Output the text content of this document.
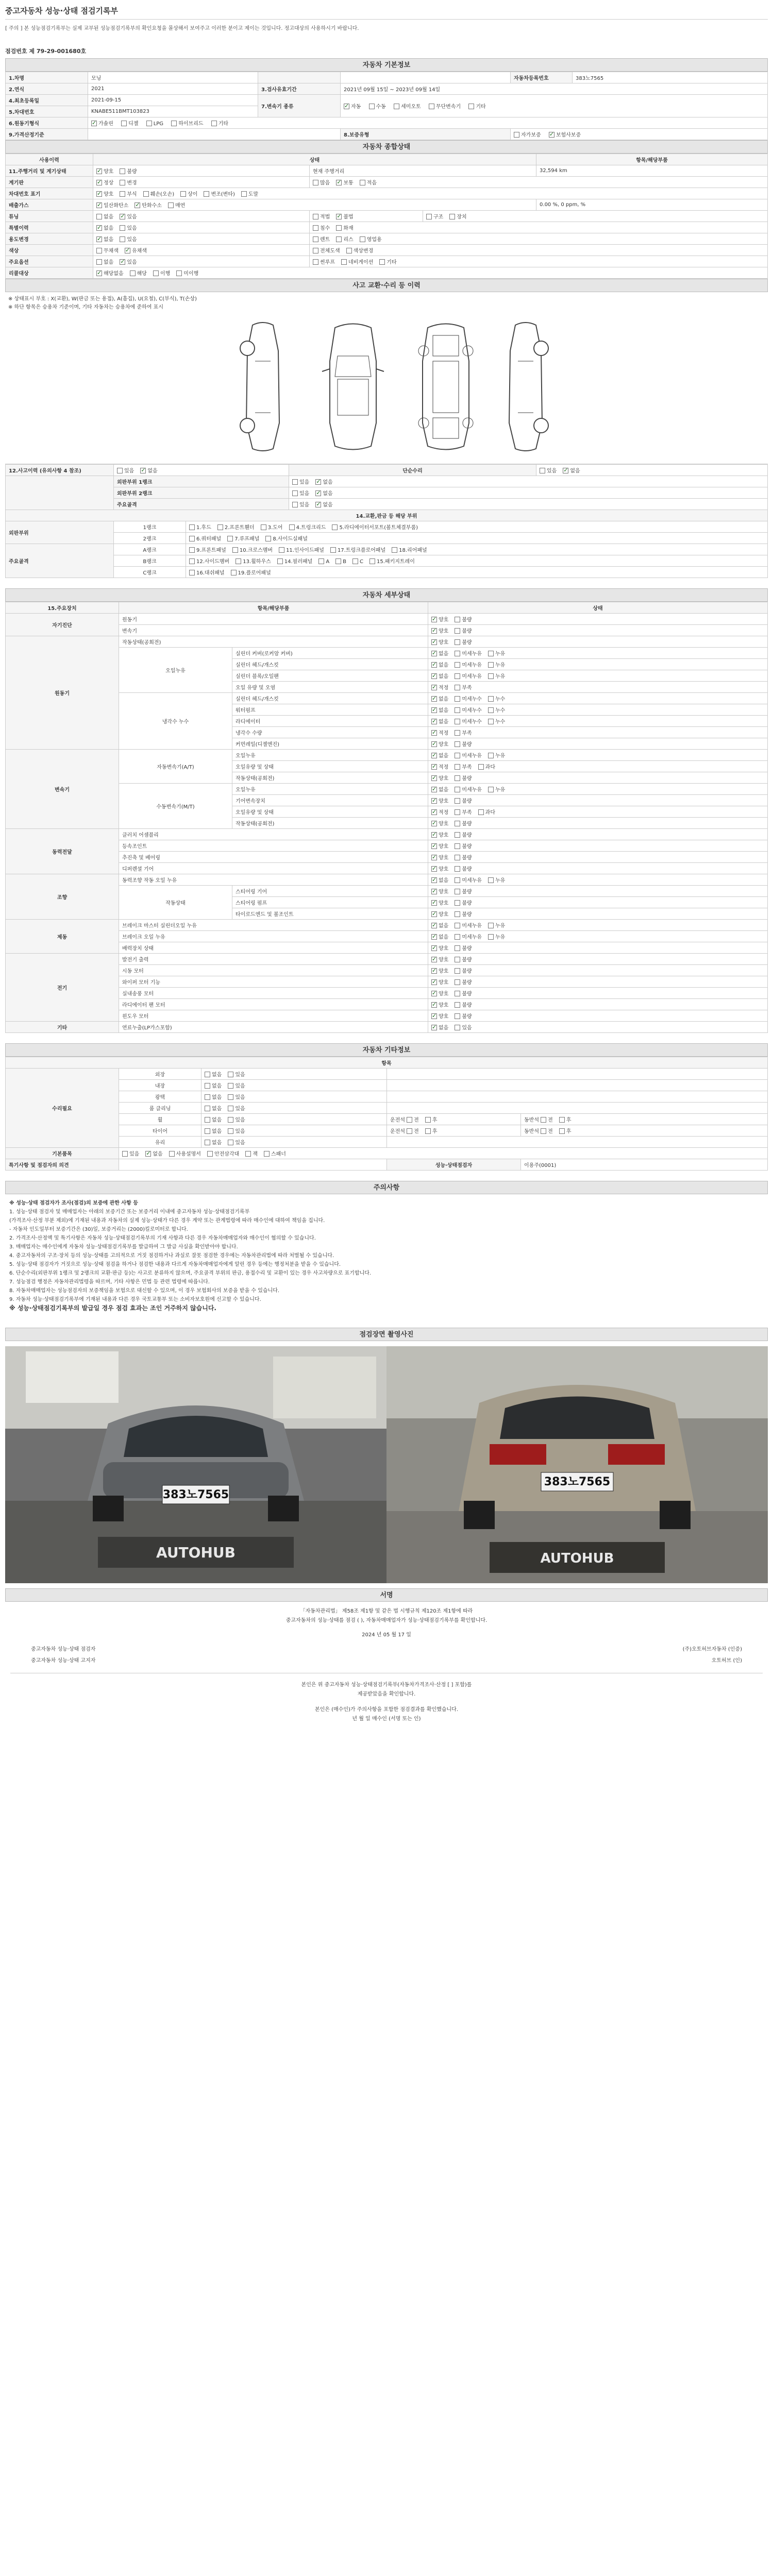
중고자동차 성능·상태 점검기록부
[ 주의 ] 본 성능점검기록부는 실제 교부된 성능점검기록부의 확인요청을 몰상해서 보여주고 이러한 분이고 제이는 것입니다. 정고대상의 사용하시기 바랍니다.
점검번호 제 79-29-001680호
자동차 기본정보
1.차명	모닝			자동차등록번호	383노7565
2.연식	2021	3.검사유효기간	2021년 09월 15일 ~ 2023년 09월 14일		
4.최초등록일	2021-09-15	7.변속기 종류	✓자동 수동 세미오토 무단변속기 기타
5.차대번호	KNABE511BMT103823				
6.원동기형식	✓가솔린 디젤 LPG 하이브리드 기타
9.가격산정기준			8.보증유형	자가보증 ✓ 보험사보증
자동차 종합상태
사용이력	상태			항목/해당부품
11.주행거리 및 계기상태	✓양호 불량	현재 주행거리		32,594 km
계기판	✓정상 변경	많음 ✓ 보통 적음
차대번호 표기	✓양호 부식 훼손(오손) 상이 변조(변타) 도말
배출가스	✓일산화탄소 ✓ 탄화수소 매연			0.00 %, 0 ppm, %
튜닝	없음 ✓ 있음	적법 ✓ 불법	구조 장치	
특별이력	✓없음 있음	침수 화재		
용도변경	✓없음 있음	렌트 리스 영업용		
색상	무채색 ✓ 유채색	전체도색 색상변경		
주요옵션	없음 ✓ 있음	썬루프 네비게이션 기타		
리콜대상	✓해당없음 해당 이행 미이행
사고 교환·수리 등 이력
※ 상태표시 부호 : X(교환), W(판금 또는 용접), A(흠집), U(요철), C(부식), T(손상)
※ 하단 항목은 승용차 기준이며, 기타 자동차는 승용차에 준하여 표시
12.사고이력 (유의사항 4 참조)	있음 ✓ 없음		단순수리	있음 ✓ 없음
	외판부위 1랭크		있음 ✓ 없음
	외판부위 2랭크		있음 ✓ 없음
	주요골격		있음 ✓ 없음
14.교환,판금 등 해당 부위				
외판부위	1랭크	1.후드 2.프론트휀더 3.도어 4.트렁크리드 5.라디에이터서포트(볼트체결부품)		
	2랭크	6.쿼터패널 7.루프패널 8.사이드실패널		
주요골격	A랭크	9.프론트패널 10.크로스멤버 11.인사이드패널 17.트렁크플로어패널 18.리어패널		
	B랭크	12.사이드멤버 13.휠하우스 14.필러패널 A B C 15.패키지트레이		
	C랭크	16.대쉬패널 19.플로어패널		
자동차 세부상태
15.주요장치	항목/해당부품		상태
자기진단	원동기	✓양호 불량
	변속기	✓양호 불량
원동기	작동상태(공회전)	✓양호 불량
	오일누유	실린더 커버(로커암 커버)	✓없음 미세누유 누유
		실린더 헤드/개스킷	✓없음 미세누유 누유
		실린더 블록/오일팬	✓없음 미세누유 누유
		오일 유량 및 오염	✓적정 부족
	냉각수 누수	실린더 헤드/개스킷	✓없음 미세누수 누수
		워터펌프	✓없음 미세누수 누수
		라디에이터	✓없음 미세누수 누수
		냉각수 수량	✓적정 부족
		커먼레일(디젤엔진)	✓양호 불량
변속기	자동변속기(A/T)	오일누유	✓없음 미세누유 누유
		오일유량 및 상태	✓적정 부족 과다
		작동상태(공회전)	✓양호 불량
	수동변속기(M/T)	오일누유	✓없음 미세누유 누유
		기어변속장치	✓양호 불량
		오일유량 및 상태	✓적정 부족 과다
		작동상태(공회전)	✓양호 불량
동력전달	클러치 어셈블리	✓양호 불량
	등속조인트	✓양호 불량
	추진축 및 베어링	✓양호 불량
	디퍼렌셜 기어	✓양호 불량
조향	동력조향 작동 오일 누유	✓없음 미세누유 누유
	작동상태	스티어링 기어	✓양호 불량
		스티어링 펌프	✓양호 불량
		타이로드엔드 및 볼조인트	✓양호 불량
제동	브레이크 마스터 실린더오일 누유	✓없음 미세누유 누유
	브레이크 오일 누유	✓없음 미세누유 누유
	배력장치 상태	✓양호 불량
전기	발전기 출력	✓양호 불량
	시동 모터	✓양호 불량
	와이퍼 모터 기능	✓양호 불량
	실내송풍 모터	✓양호 불량
	라디에이터 팬 모터	✓양호 불량
	윈도우 모터	✓양호 불량
기타	연료누출(LP가스포함)	✓없음 있음
자동차 기타정보
항목				
수리필요	외장	없음 있음		
	내장	없음 있음		
	광택	없음 있음		
	룸 클리닝	없음 있음		
	휠	없음 있음	운전석 전 후	동반석 전 후
	타이어	없음 있음	운전석 전 후	동반석 전 후
	유리	없음 있음		
기본품목	있음 ✓ 없음 사용설명서 안전삼각대 잭 스패너
특기사항 및 점검자의 의견			성능·상태점검자	이용주(0001)
주의사항

※ 성능·상태 점검자가 조사(점검)의 보증에 관한 사항 등

1. 성능·상태 점검자 및 매매업자는 아래의 보증기간 또는 보증거리 이내에 중고자동차 성능·상태점검기록부

(가격조사·산정 부분 제외)에 기재된 내용과 자동차의 실제 성능·상태가 다른 경우 계약 또는 관계법령에 따라 매수인에 대하여 책임을 집니다.

- 자동차 인도일부터 보증기간은 (30)일, 보증거리는 (2000)킬로미터로 합니다.

2. 가격조사·산정액 및 특기사항은 자동차 성능·상태점검기록부의 기재 사항과 다른 경우 자동차매매업자와 매수인이 협의할 수 있습니다.

3. 매매업자는 매수인에게 자동차 성능·상태점검기록부를 발급하여 그 발급 사실을 확인받아야 합니다.

4. 중고자동차의 구조·장치 등의 성능·상태를 고의적으로 거짓 점검하거나 과실로 잘못 점검한 경우에는 자동차관리법에 따라 처벌될 수 있습니다.

5. 성능·상태 점검자가 거짓으로 성능·상태 점검을 하거나 점검한 내용과 다르게 자동차매매업자에게 알린 경우 등에는 행정처분을 받을 수 있습니다.

6. 단순수리(외판부위 1랭크 및 2랭크의 교환·판금 등)는 사고로 분류하지 않으며, 주요골격 부위의 판금, 용접수리 및 교환이 있는 경우 사고차량으로 표기합니다.

7. 성능점검 행정은 자동차관리법령을 따르며, 기타 사항은 민법 등 관련 법령에 따릅니다.

8. 자동차매매업자는 성능점검자의 보증책임을 보험으로 대신할 수 있으며, 이 경우 보험회사의 보증을 받을 수 있습니다.

9. 자동차 성능·상태점검기록부에 기재된 내용과 다른 경우 국토교통부 또는 소비자보호원에 신고할 수 있습니다.

※ 성능·상태점검기록부의 발급일 경우 점검 효과는 조인 거주하지 않습니다.

점검장면 촬영사진
383노7565
AUTOHUB
383노7565
AUTOHUB
서명
「자동차관리법」 제58조 제1항 및 같은 법 시행규칙 제120조 제1항에 따라
중고자동차의 성능·상태를 점검 ( ), 자동차매매업자가 성능·상태점검기록부를 확인합니다.
2024 년 05 월 17 일
중고자동차 성능·상태 점검자	(주)오토허브자동차 (인증)
중고자동차 성능·상태 고지자	오토허브 (인)
본인은 위 중고자동차 성능·상태점검기록부(자동차가격조사·산정 [ ] 포함)를
제공받았음을 확인합니다.
본인은 (매수인)가 주의사항을 포함한 점검결과를 확인했습니다.
년 월 일 매수인 (서명 또는 인)
